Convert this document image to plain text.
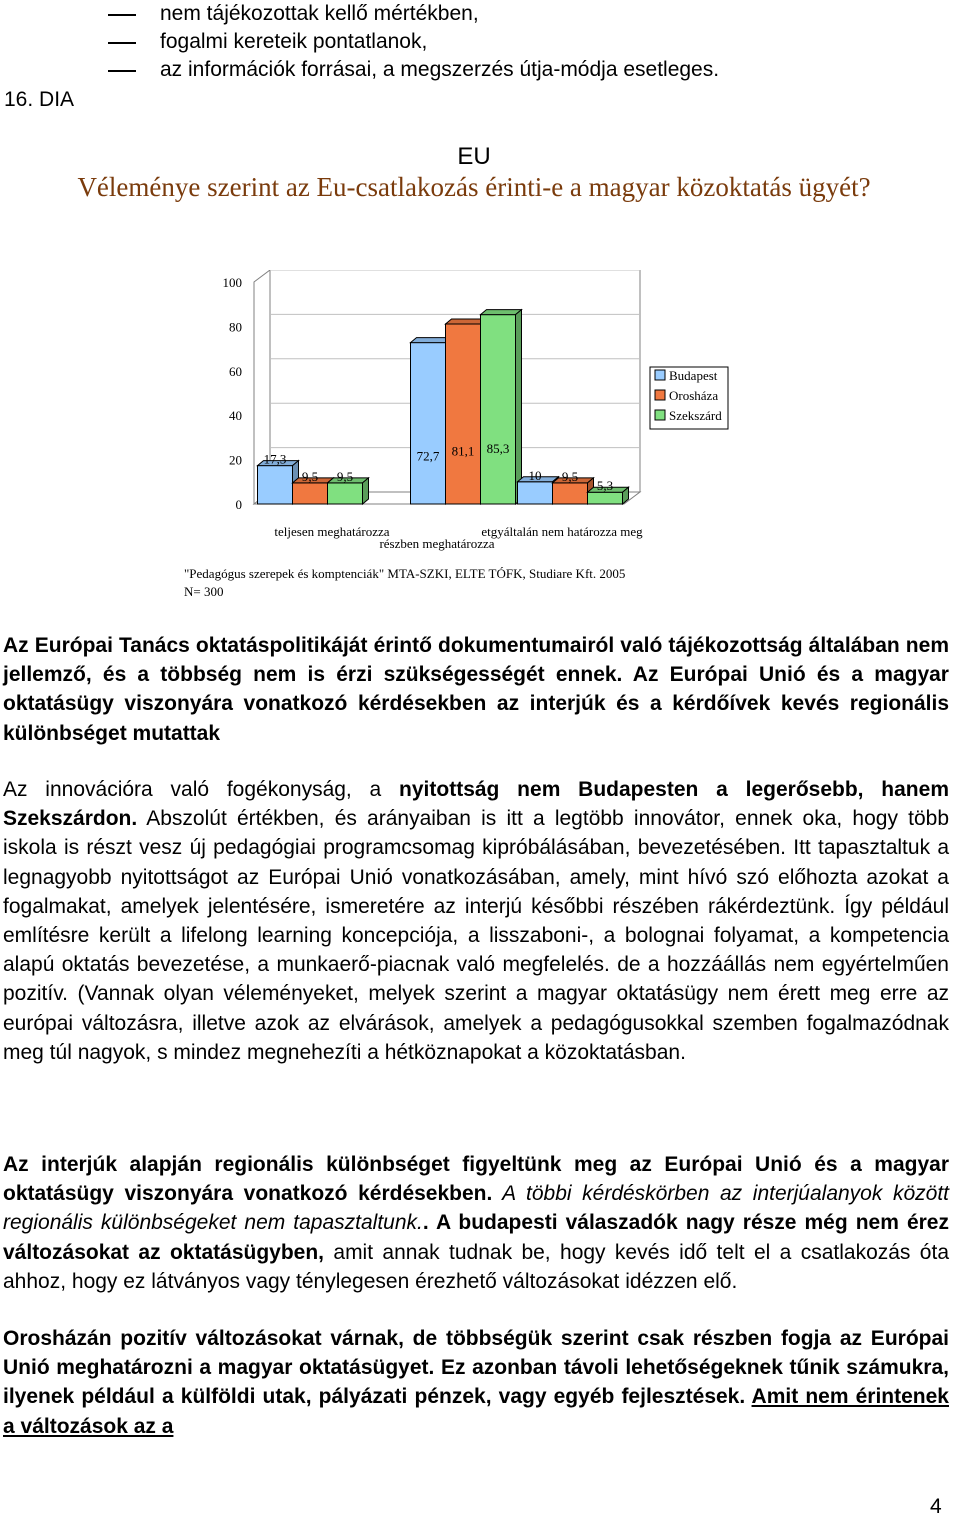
nem tájékozottak kellő mértékben,
fogalmi kereteik pontatlanok,
az információk forrásai, a megszerzés útja-módja esetleges.
16. DIA
EU
Véleménye szerint az Eu-csatlakozás érinti-e a magyar közoktatás ügyét?
0
20
40
60
80
100
17,3
9,5 9,5
72,7 81,1 85,3
10 9,5
5,3
teljesen meghatározza
részben meghatározza
etgyáltalán nem határozza meg
Budapest
Orosháza
Szekszárd
"Pedagógus szerepek és komptenciák" MTA-SZKI, ELTE TÓFK, Studiare Kft. 2005
N= 300
Az Európai Tanács oktatáspolitikáját érintő dokumentumairól való tájékozottság általában nem jellemző, és a többség nem is érzi szükségességét ennek. Az Európai Unió és a magyar oktatásügy viszonyára vonatkozó kérdésekben az interjúk és a kérdőívek kevés regionális különbséget mutattak
Az innovációra való fogékonyság, a nyitottság nem Budapesten a legerősebb, hanem Szekszárdon. Abszolút értékben, és arányaiban is itt a legtöbb innovátor, ennek oka, hogy több iskola is részt vesz új pedagógiai programcsomag kipróbálásában, bevezetésében. Itt tapasztaltuk a legnagyobb nyitottságot az Európai Unió vonatkozásában, amely, mint hívó szó előhozta azokat a fogalmakat, amelyek jelentésére, ismeretére az interjú későbbi részében rákérdeztünk. Így például említésre került a lifelong learning koncepciója, a lisszaboni-, a bolognai folyamat, a kompetencia alapú oktatás bevezetése, a munkaerő-piacnak való megfelelés. de a hozzáállás nem egyértelműen pozitív. (Vannak olyan véleményeket, melyek szerint a magyar oktatásügy nem érett meg erre az európai változásra, illetve azok az elvárások, amelyek a pedagógusokkal szemben fogalmazódnak meg túl nagyok, s mindez megnehezíti a hétköznapokat a közoktatásban.
Az interjúk alapján regionális különbséget figyeltünk meg az Európai Unió és a magyar oktatásügy viszonyára vonatkozó kérdésekben. A többi kérdéskörben az interjúalanyok között regionális különbségeket nem tapasztaltunk.. A budapesti válaszadók nagy része még nem érez változásokat az oktatásügyben, amit annak tudnak be, hogy kevés idő telt el a csatlakozás óta ahhoz, hogy ez látványos vagy ténylegesen érezhető változásokat idézzen elő.
Orosházán pozitív változásokat várnak, de többségük szerint csak részben fogja az Európai Unió meghatározni a magyar oktatásügyet. Ez azonban távoli lehetőségeknek tűnik számukra, ilyenek például a külföldi utak, pályázati pénzek, vagy egyéb fejlesztések. Amit nem érintenek a változások az a
4
